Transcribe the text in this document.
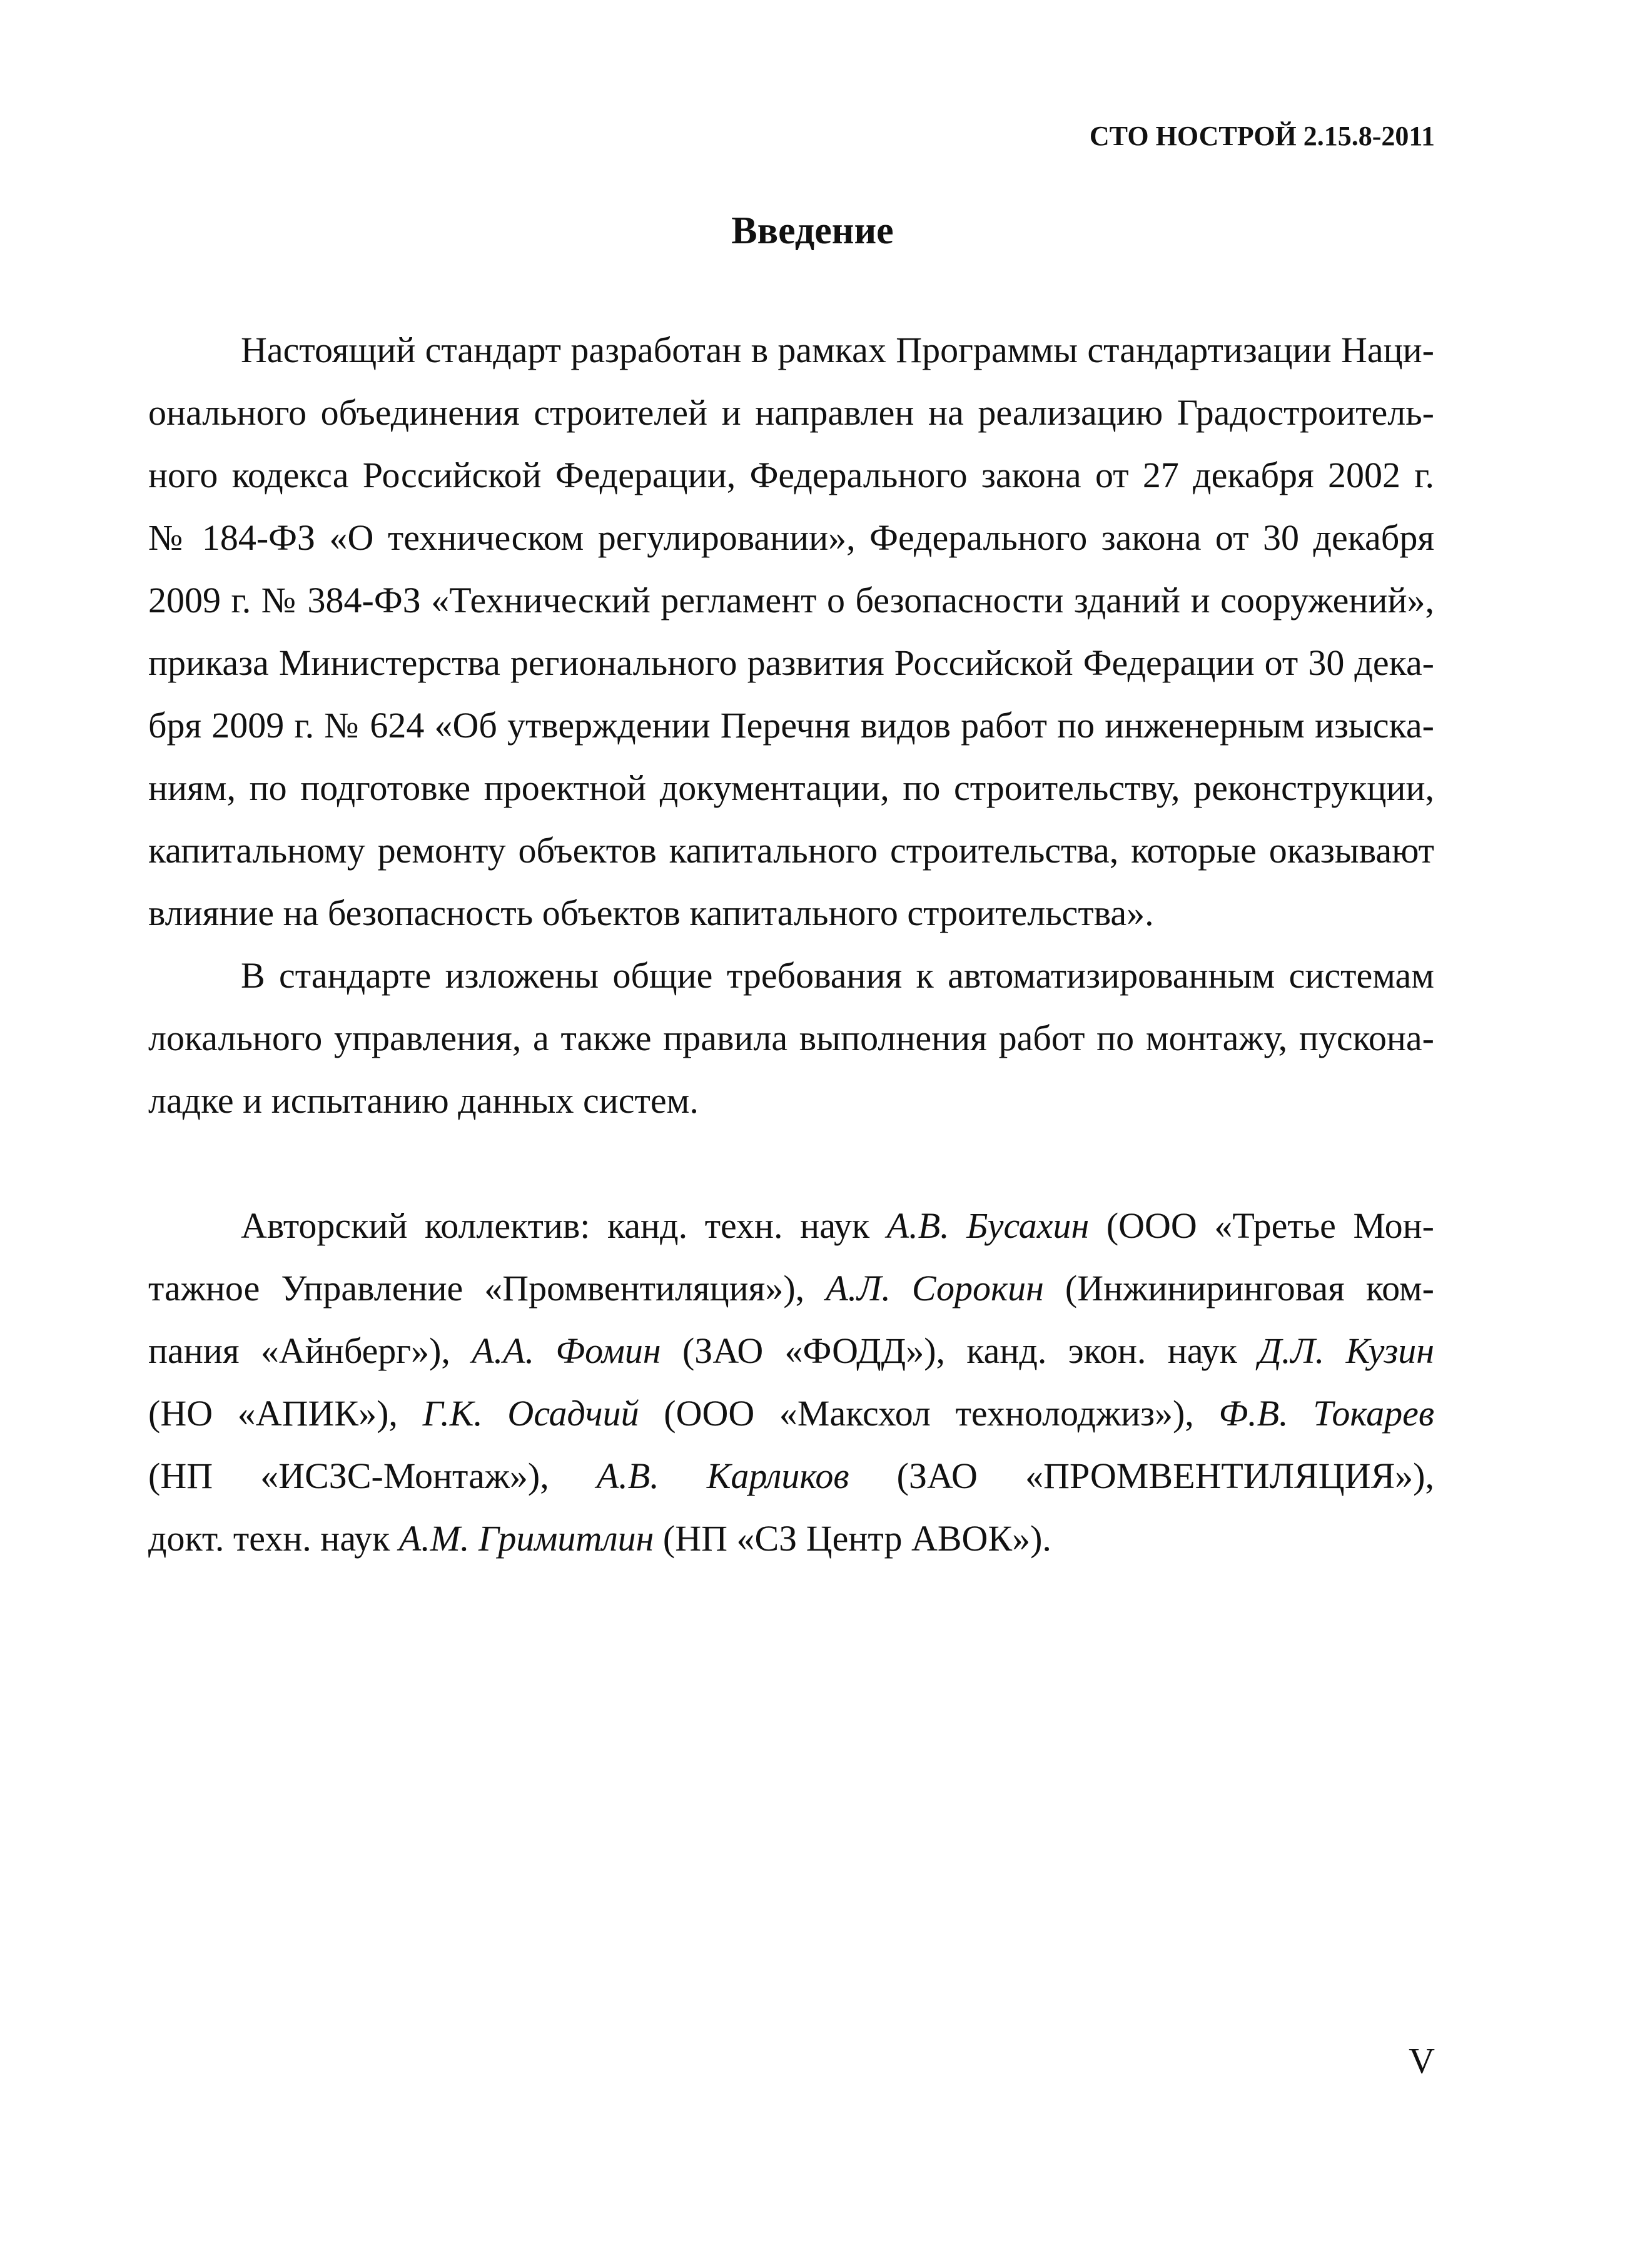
СТО НОСТРОЙ 2.15.8-2011
Введение

Настоящий стандарт разработан в рамках Программы стандартизации Наци-
онального объединения строителей и направлен на реализацию Градостроитель-
ного кодекса Российской Федерации, Федерального закона от 27 декабря 2002 г.
№ 184-ФЗ «О техническом регулировании», Федерального закона от 30 декабря
2009 г. № 384-ФЗ «Технический регламент о безопасности зданий и сооружений»,
приказа Министерства регионального развития Российской Федерации от 30 дека-
бря 2009 г. № 624 «Об утверждении Перечня видов работ по инженерным изыска-
ниям, по подготовке проектной документации, по строительству, реконструкции,
капитальному ремонту объектов капитального строительства, которые оказывают
влияние на безопасность объектов капитального строительства».

В стандарте изложены общие требования к автоматизированным системам
локального управления, а также правила выполнения работ по монтажу, пускона-
ладке и испытанию данных систем.

Авторский коллектив: канд. техн. наук А.В. Бусахин (ООО «Третье Мон-
тажное Управление «Промвентиляция»), А.Л. Сорокин (Инжиниринговая ком-
пания «Айнберг»), А.А. Фомин (ЗАО «ФОДД»), канд. экон. наук Д.Л. Кузин
(НО «АПИК»), Г.К. Осадчий (ООО «Максхол технолоджиз»), Ф.В. Токарев
(НП «ИСЗС-Монтаж»), А.В. Карликов (ЗАО «ПРОМВЕНТИЛЯЦИЯ»),
докт. техн. наук А.М. Гримитлин (НП «СЗ Центр АВОК»).

V
